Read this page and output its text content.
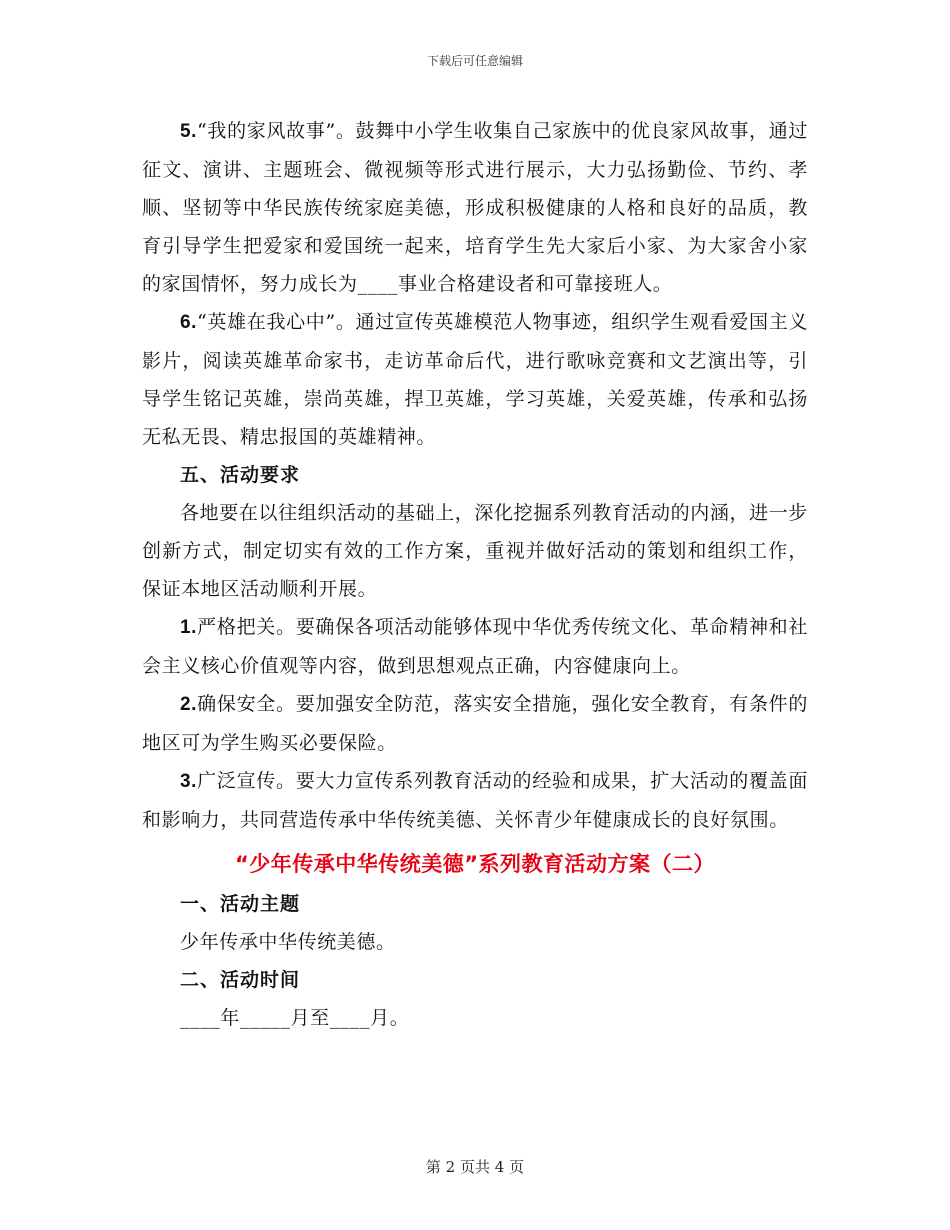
下载后可任意编辑

5.“我的家风故事”。鼓舞中小学生收集自己家族中的优良家风故事，通过征文、演讲、主题班会、微视频等形式进行展示，大力弘扬勤俭、节约、孝顺、坚韧等中华民族传统家庭美德，形成积极健康的人格和良好的品质，教育引导学生把爱家和爱国统一起来，培育学生先大家后小家、为大家舍小家的家国情怀，努力成长为____事业合格建设者和可靠接班人。

6.“英雄在我心中”。通过宣传英雄模范人物事迹，组织学生观看爱国主义影片，阅读英雄革命家书，走访革命后代，进行歌咏竞赛和文艺演出等，引导学生铭记英雄，崇尚英雄，捍卫英雄，学习英雄，关爱英雄，传承和弘扬无私无畏、精忠报国的英雄精神。

五、活动要求

各地要在以往组织活动的基础上，深化挖掘系列教育活动的内涵，进一步创新方式，制定切实有效的工作方案，重视并做好活动的策划和组织工作，保证本地区活动顺利开展。

1.严格把关。要确保各项活动能够体现中华优秀传统文化、革命精神和社会主义核心价值观等内容，做到思想观点正确，内容健康向上。

2.确保安全。要加强安全防范，落实安全措施，强化安全教育，有条件的地区可为学生购买必要保险。

3.广泛宣传。要大力宣传系列教育活动的经验和成果，扩大活动的覆盖面和影响力，共同营造传承中华传统美德、关怀青少年健康成长的良好氛围。

“少年传承中华传统美德”系列教育活动方案（二）

一、活动主题

少年传承中华传统美德。

二、活动时间

____年_____月至____月。

第 2 页共 4 页
